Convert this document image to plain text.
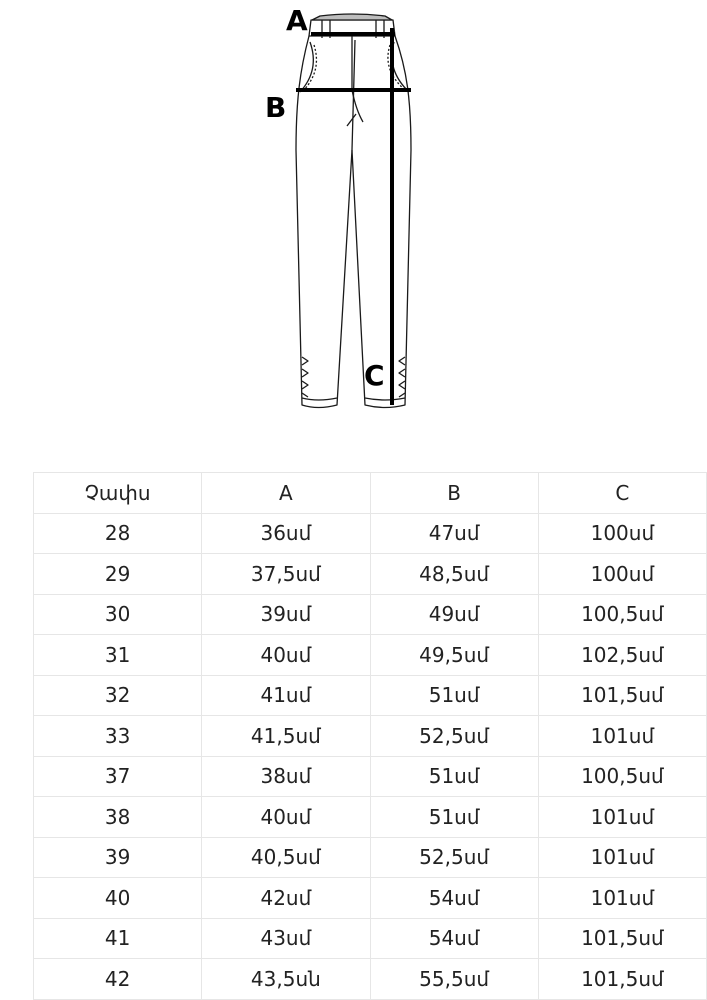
A
B
C
Չափս	A	B	C
28	36սմ	47սմ	100սմ
29	37,5սմ	48,5սմ	100սմ
30	39սմ	49սմ	100,5սմ
31	40սմ	49,5սմ	102,5սմ
32	41սմ	51սմ	101,5սմ
33	41,5սմ	52,5սմ	101սմ
37	38սմ	51սմ	100,5սմ
38	40սմ	51սմ	101սմ
39	40,5սմ	52,5սմ	101սմ
40	42սմ	54սմ	101սմ
41	43սմ	54սմ	101,5սմ
42	43,5սն	55,5սմ	101,5սմ
